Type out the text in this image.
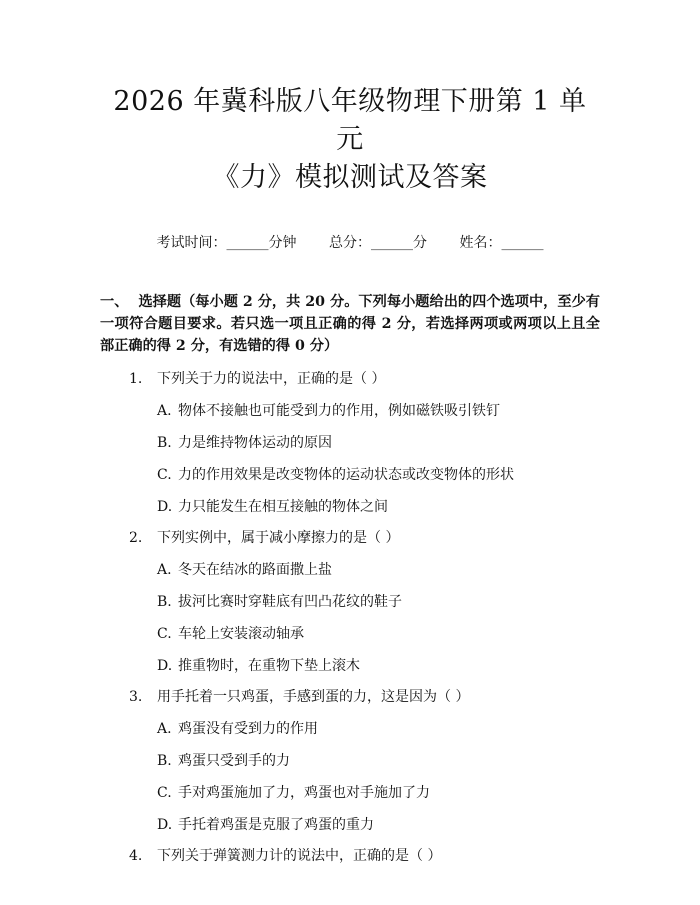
2026 年冀科版八年级物理下册第 1 单元
《力》模拟测试及答案
考试时间：______分钟 总分：______分 姓名：______
一、 选择题（每小题 2 分，共 20 分。下列每小题给出的四个选项中，至少有一项符合题目要求。若只选一项且正确的得 2 分，若选择两项或两项以上且全部正确的得 2 分，有选错的得 0 分）
1. 下列关于力的说法中，正确的是（ ）
A. 物体不接触也可能受到力的作用，例如磁铁吸引铁钉
B. 力是维持物体运动的原因
C. 力的作用效果是改变物体的运动状态或改变物体的形状
D. 力只能发生在相互接触的物体之间
2. 下列实例中，属于减小摩擦力的是（ ）
A. 冬天在结冰的路面撒上盐
B. 拔河比赛时穿鞋底有凹凸花纹的鞋子
C. 车轮上安装滚动轴承
D. 推重物时，在重物下垫上滚木
3. 用手托着一只鸡蛋，手感到蛋的力，这是因为（ ）
A. 鸡蛋没有受到力的作用
B. 鸡蛋只受到手的力
C. 手对鸡蛋施加了力，鸡蛋也对手施加了力
D. 手托着鸡蛋是克服了鸡蛋的重力
4. 下列关于弹簧测力计的说法中，正确的是（ ）
